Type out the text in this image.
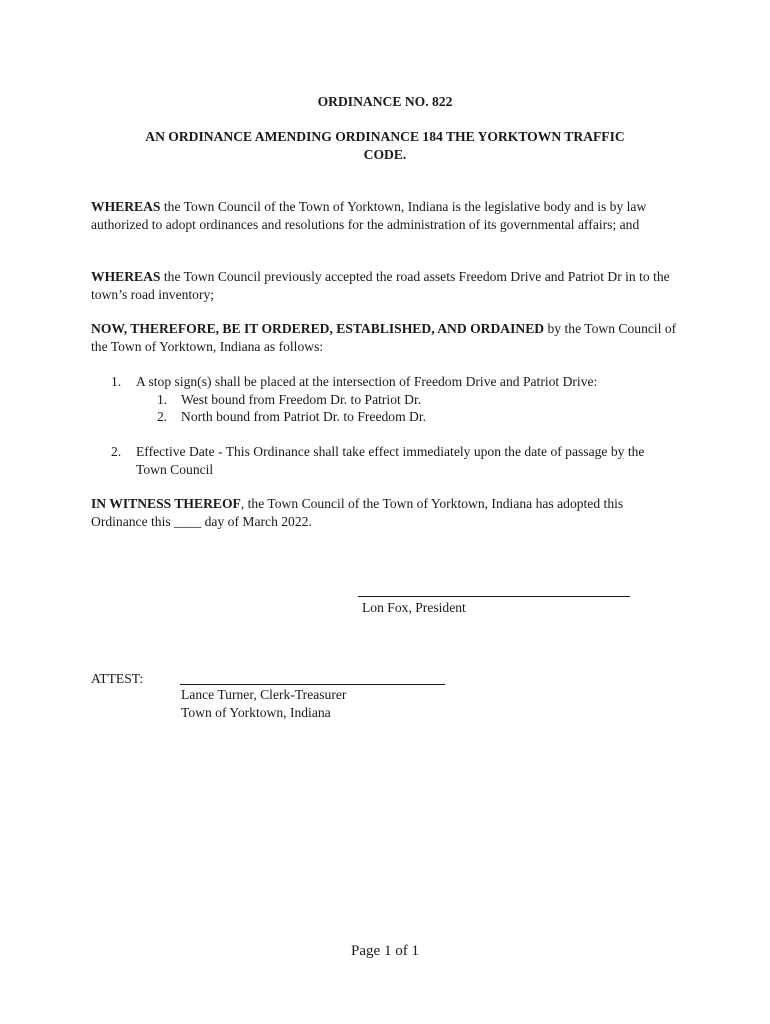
ORDINANCE NO. 822
AN ORDINANCE AMENDING ORDINANCE 184 THE YORKTOWN TRAFFIC
CODE.
WHEREAS the Town Council of the Town of Yorktown, Indiana is the legislative body and is by law authorized to adopt ordinances and resolutions for the administration of its governmental affairs; and
WHEREAS the Town Council previously accepted the road assets Freedom Drive and Patriot Dr in to the town’s road inventory;
NOW, THEREFORE, BE IT ORDERED, ESTABLISHED, AND ORDAINED by the Town Council of the Town of Yorktown, Indiana as follows:
1. A stop sign(s) shall be placed at the intersection of Freedom Drive and Patriot Drive:
1. West bound from Freedom Dr. to Patriot Dr.
2. North bound from Patriot Dr. to Freedom Dr.
2. Effective Date - This Ordinance shall take effect immediately upon the date of passage by the Town Council
IN WITNESS THEREOF, the Town Council of the Town of Yorktown, Indiana has adopted this Ordinance this ____ day of March 2022.
Lon Fox, President
ATTEST:
Lance Turner, Clerk-Treasurer
Town of Yorktown, Indiana
Page 1 of 1
